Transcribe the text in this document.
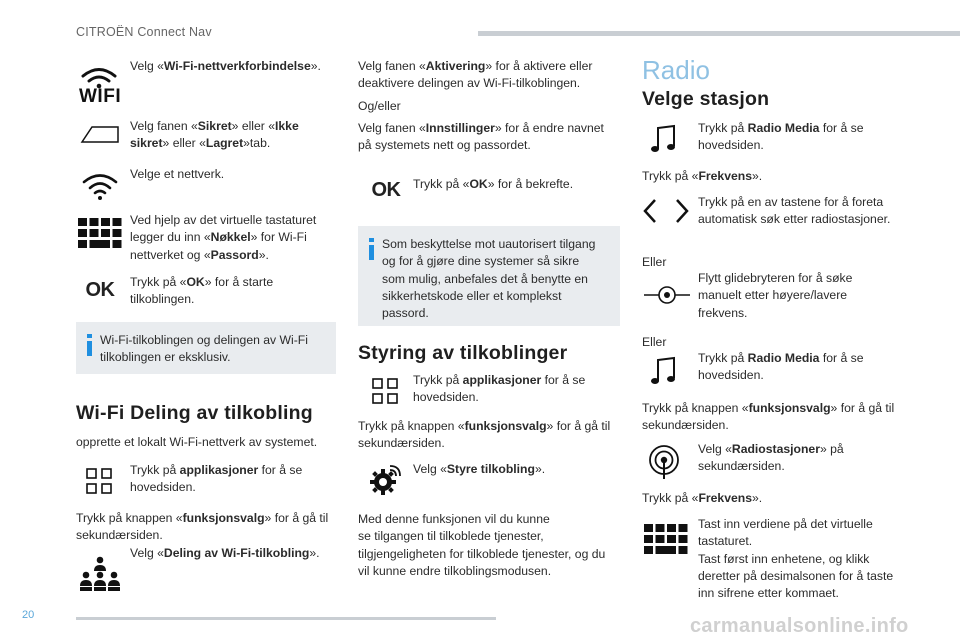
CITROËN Connect Nav
20	carmanualsonline.info
WIFI
Velg «Wi-Fi-nettverkforbindelse».
Velg fanen «Sikret» eller «Ikke
sikret» eller «Lagret»tab.
Velge et nettverk.
Ved hjelp av det virtuelle tastaturet
legger du inn «Nøkkel» for Wi-Fi
nettverket og «Passord».
OK	Trykk på «OK» for å starte
tilkoblingen.
Wi-Fi-tilkoblingen og delingen av Wi-Fi
tilkoblingen er eksklusiv.
Wi-Fi Deling av tilkobling
opprette et lokalt Wi-Fi-nettverk av systemet.
Trykk på applikasjoner for å se
hovedsiden.
Trykk på knappen «funksjonsvalg» for å gå til
sekundærsiden.
Velg «Deling av Wi-Fi-tilkobling».
Velg fanen «Aktivering» for å aktivere eller
deaktivere delingen av Wi-Fi-tilkoblingen.
Og/eller
Velg fanen «Innstillinger» for å endre navnet
på systemets nett og passordet.
OK	Trykk på «OK» for å bekrefte.
Som beskyttelse mot uautorisert tilgang
og for å gjøre dine systemer så sikre
som mulig, anbefales det å benytte en
sikkerhetskode eller et komplekst passord.
Styring av tilkoblinger
Trykk på applikasjoner for å se
hovedsiden.
Trykk på knappen «funksjonsvalg» for å gå til
sekundærsiden.
Velg «Styre tilkobling».
Med denne funksjonen vil du kunne
se tilgangen til tilkoblede tjenester,
tilgjengeligheten for tilkoblede tjenester, og du
vil kunne endre tilkoblingsmodusen.
Radio
Velge stasjon
Trykk på Radio Media for å se
hovedsiden.
Trykk på «Frekvens».
Trykk på en av tastene for å foreta
automatisk søk etter radiostasjoner.
Eller
Flytt glidebryteren for å søke
manuelt etter høyere/lavere
frekvens.
Eller
Trykk på Radio Media for å se
hovedsiden.
Trykk på knappen «funksjonsvalg» for å gå til
sekundærsiden.
Velg «Radiostasjoner» på
sekundærsiden.
Trykk på «Frekvens».
Tast inn verdiene på det virtuelle
tastaturet.
Tast først inn enhetene, og klikk
deretter på desimalsonen for å taste
inn sifrene etter kommaet.
